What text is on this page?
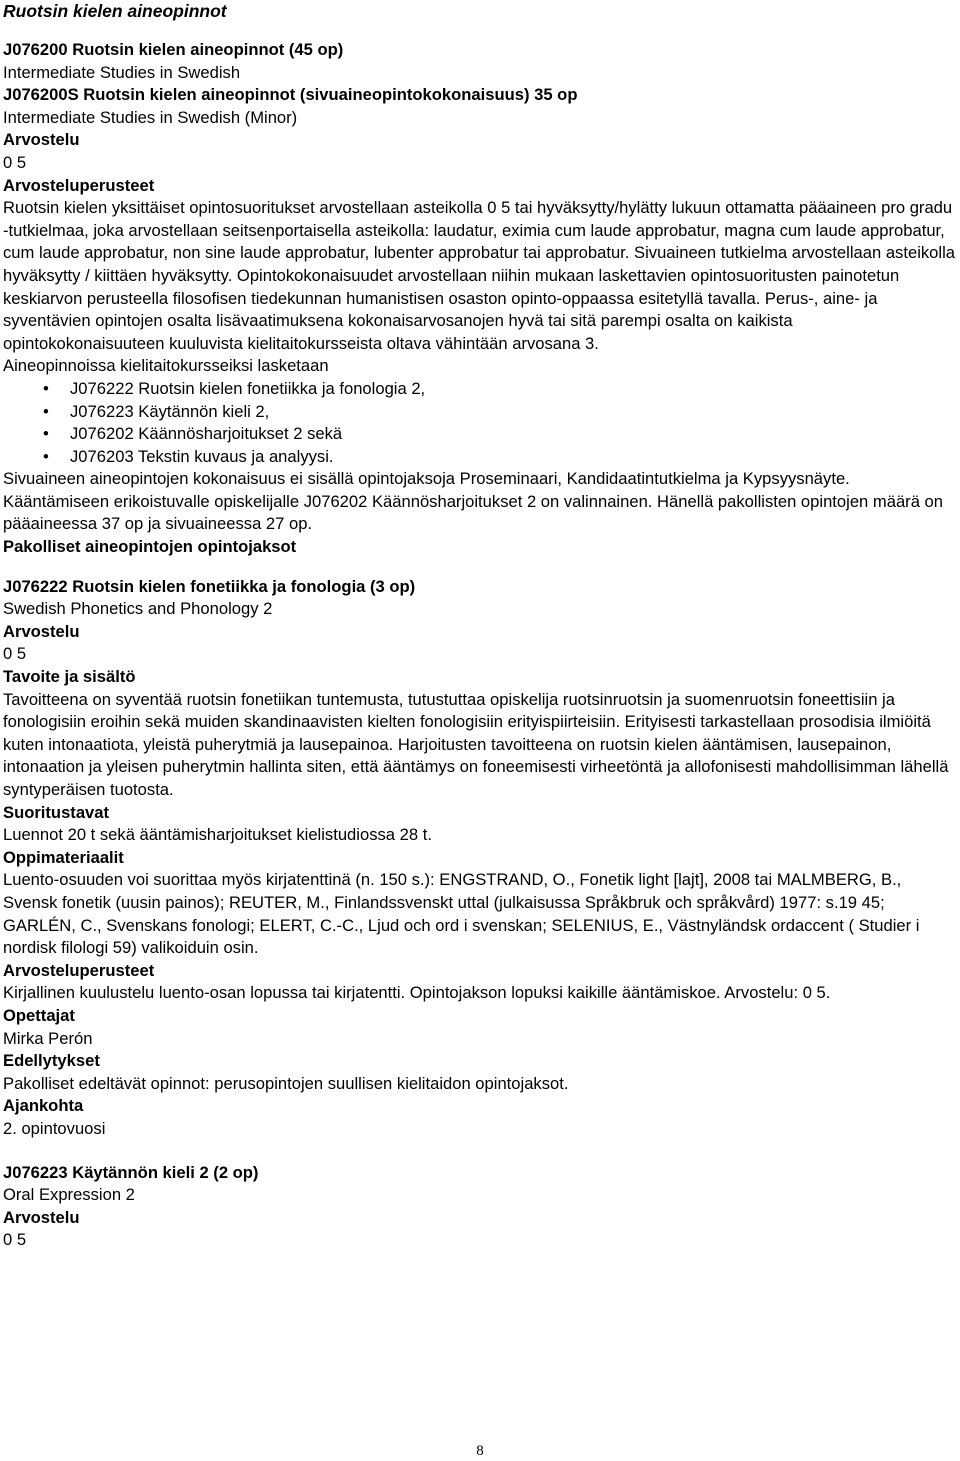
Ruotsin kielen aineopinnot

J076200 Ruotsin kielen aineopinnot (45 op)

Intermediate Studies in Swedish

J076200S Ruotsin kielen aineopinnot (sivuaineopintokokonaisuus) 35 op

Intermediate Studies in Swedish (Minor)

Arvostelu

0 5

Arvosteluperusteet

Ruotsin kielen yksittäiset opintosuoritukset arvostellaan asteikolla 0 5 tai hyväksytty/hylätty lukuun ottamatta pääaineen pro gradu -tutkielmaa, joka arvostellaan seitsenportaisella asteikolla: laudatur, eximia cum laude approbatur, magna cum laude approbatur, cum laude approbatur, non sine laude approbatur, lubenter approbatur tai approbatur. Sivuaineen tutkielma arvostellaan asteikolla hyväksytty / kiittäen hyväksytty. Opintokokonaisuudet arvostellaan niihin mukaan laskettavien opintosuoritusten painotetun keskiarvon perusteella filosofisen tiedekunnan humanistisen osaston opinto-oppaassa esitetyllä tavalla. Perus-, aine- ja syventävien opintojen osalta lisävaatimuksena kokonaisarvosanojen hyvä tai sitä parempi osalta on kaikista opintokokonaisuuteen kuuluvista kielitaitokursseista oltava vähintään arvosana 3.

Aineopinnoissa kielitaitokursseiksi lasketaan

• J076222 Ruotsin kielen fonetiikka ja fonologia 2,
• J076223 Käytännön kieli 2,
• J076202 Käännösharjoitukset 2 sekä
• J076203 Tekstin kuvaus ja analyysi.

Sivuaineen aineopintojen kokonaisuus ei sisällä opintojaksoja Proseminaari, Kandidaatintutkielma ja Kypsyysnäyte.

Kääntämiseen erikoistuvalle opiskelijalle J076202 Käännösharjoitukset 2 on valinnainen. Hänellä pakollisten opintojen määrä on pääaineessa 37 op ja sivuaineessa 27 op.

Pakolliset aineopintojen opintojaksot

J076222 Ruotsin kielen fonetiikka ja fonologia (3 op)

Swedish Phonetics and Phonology 2

Arvostelu

0 5

Tavoite ja sisältö

Tavoitteena on syventää ruotsin fonetiikan tuntemusta, tutustuttaa opiskelija ruotsinruotsin ja suomenruotsin foneettisiin ja fonologisiin eroihin sekä muiden skandinaavisten kielten fonologisiin erityispiirteisiin. Erityisesti tarkastellaan prosodisia ilmiöitä kuten intonaatiota, yleistä puherytmiä ja lausepainoa. Harjoitusten tavoitteena on ruotsin kielen ääntämisen, lausepainon, intonaation ja yleisen puherytmin hallinta siten, että ääntämys on foneemisesti virheetöntä ja allofonisesti mahdollisimman lähellä syntyperäisen tuotosta.

Suoritustavat

Luennot 20 t sekä ääntämisharjoitukset kielistudiossa 28 t.

Oppimateriaalit

Luento-osuuden voi suorittaa myös kirjatenttinä (n. 150 s.): ENGSTRAND, O., Fonetik light [lajt], 2008 tai MALMBERG, B., Svensk fonetik (uusin painos); REUTER, M., Finlandssvenskt uttal (julkaisussa Språkbruk och språkvård) 1977: s.19 45; GARLÉN, C., Svenskans fonologi; ELERT, C.-C., Ljud och ord i svenskan; SELENIUS, E., Västnyländsk ordaccent ( Studier i nordisk filologi 59) valikoiduin osin.

Arvosteluperusteet

Kirjallinen kuulustelu luento-osan lopussa tai kirjatentti. Opintojakson lopuksi kaikille ääntämiskoe. Arvostelu: 0 5.

Opettajat

Mirka Perón

Edellytykset

Pakolliset edeltävät opinnot: perusopintojen suullisen kielitaidon opintojaksot.

Ajankohta

2. opintovuosi

J076223 Käytännön kieli 2 (2 op)

Oral Expression 2

Arvostelu

0 5

8
